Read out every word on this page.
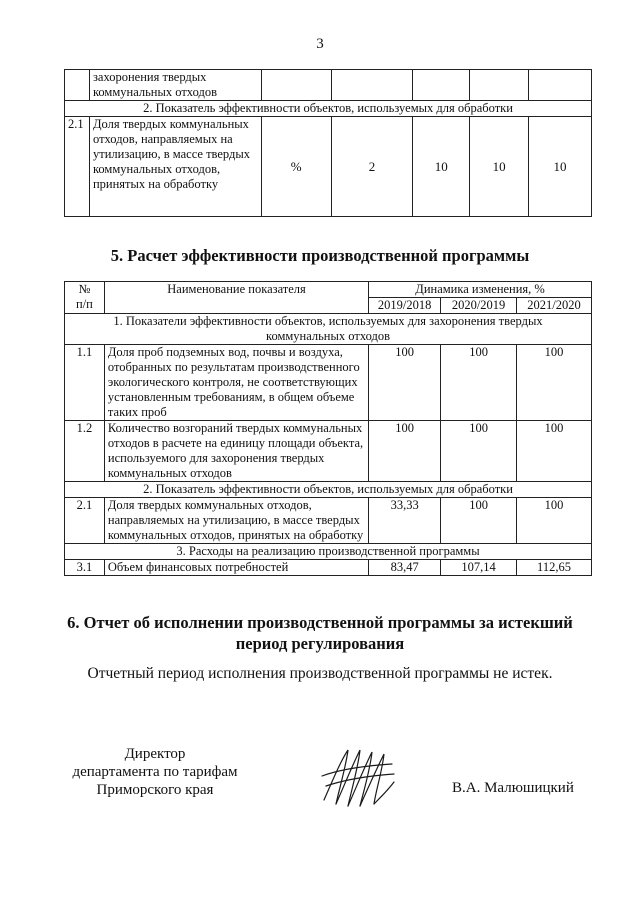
3
	захоронения твердых коммунальных отходов					
2. Показатель эффективности объектов, используемых для обработки						
2.1	Доля твердых коммунальных отходов, направляемых на утилизацию, в массе твердых коммунальных отходов, принятых на обработку	%	2	10	10	10
5. Расчет эффективности производственной программы
№
п/п	Наименование показателя	Динамика изменения, %		
		2019/2018	2020/2019	2021/2020
1. Показатели эффективности объектов, используемых для захоронения твердых коммунальных отходов				
1.1	Доля проб подземных вод, почвы и воздуха, отобранных по результатам производственного экологического контроля, не соответствующих установленным требованиям, в общем объеме таких проб	100	100	100
1.2	Количество возгораний твердых коммунальных отходов в расчете на единицу площади объекта, используемого для захоронения твердых коммунальных отходов	100	100	100
2. Показатель эффективности объектов, используемых для обработки				
2.1	Доля твердых коммунальных отходов, направляемых на утилизацию, в массе твердых коммунальных отходов, принятых на обработку	33,33	100	100
3. Расходы на реализацию производственной программы				
3.1	Объем финансовых потребностей	83,47	107,14	112,65
6. Отчет об исполнении производственной программы за истекший период регулирования
Отчетный период исполнения производственной программы не истек.
Директор
департамента по тарифам
Приморского края	В.А. Малюшицкий
